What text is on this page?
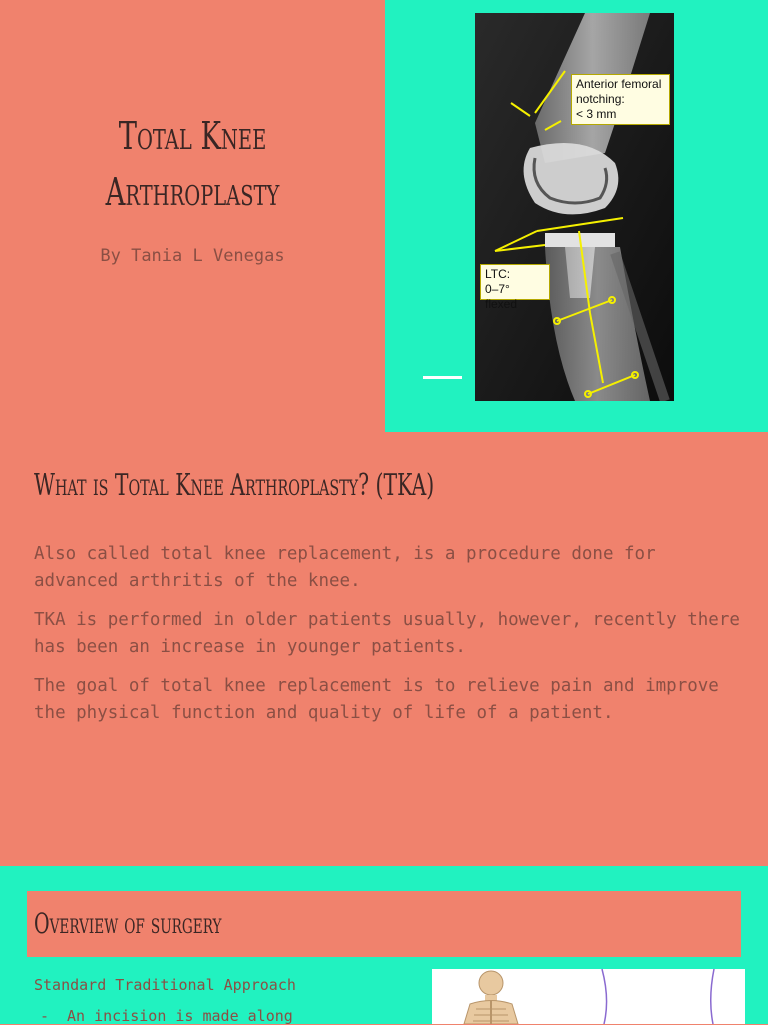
Total Knee
Arthroplasty
By Tania L Venegas
Anterior femoral
notching:
< 3 mm
LTC:
0–7° flexed
What is Total Knee Arthroplasty? (TKA)

Also called total knee replacement, is a procedure done for advanced arthritis of the knee.

TKA is performed in older patients usually, however, recently there has been an increase in younger patients.

The goal of total knee replacement is to relieve pain and improve the physical function and quality of life of a patient.

Overview of surgery
Standard Traditional Approach
- An incision is made along
